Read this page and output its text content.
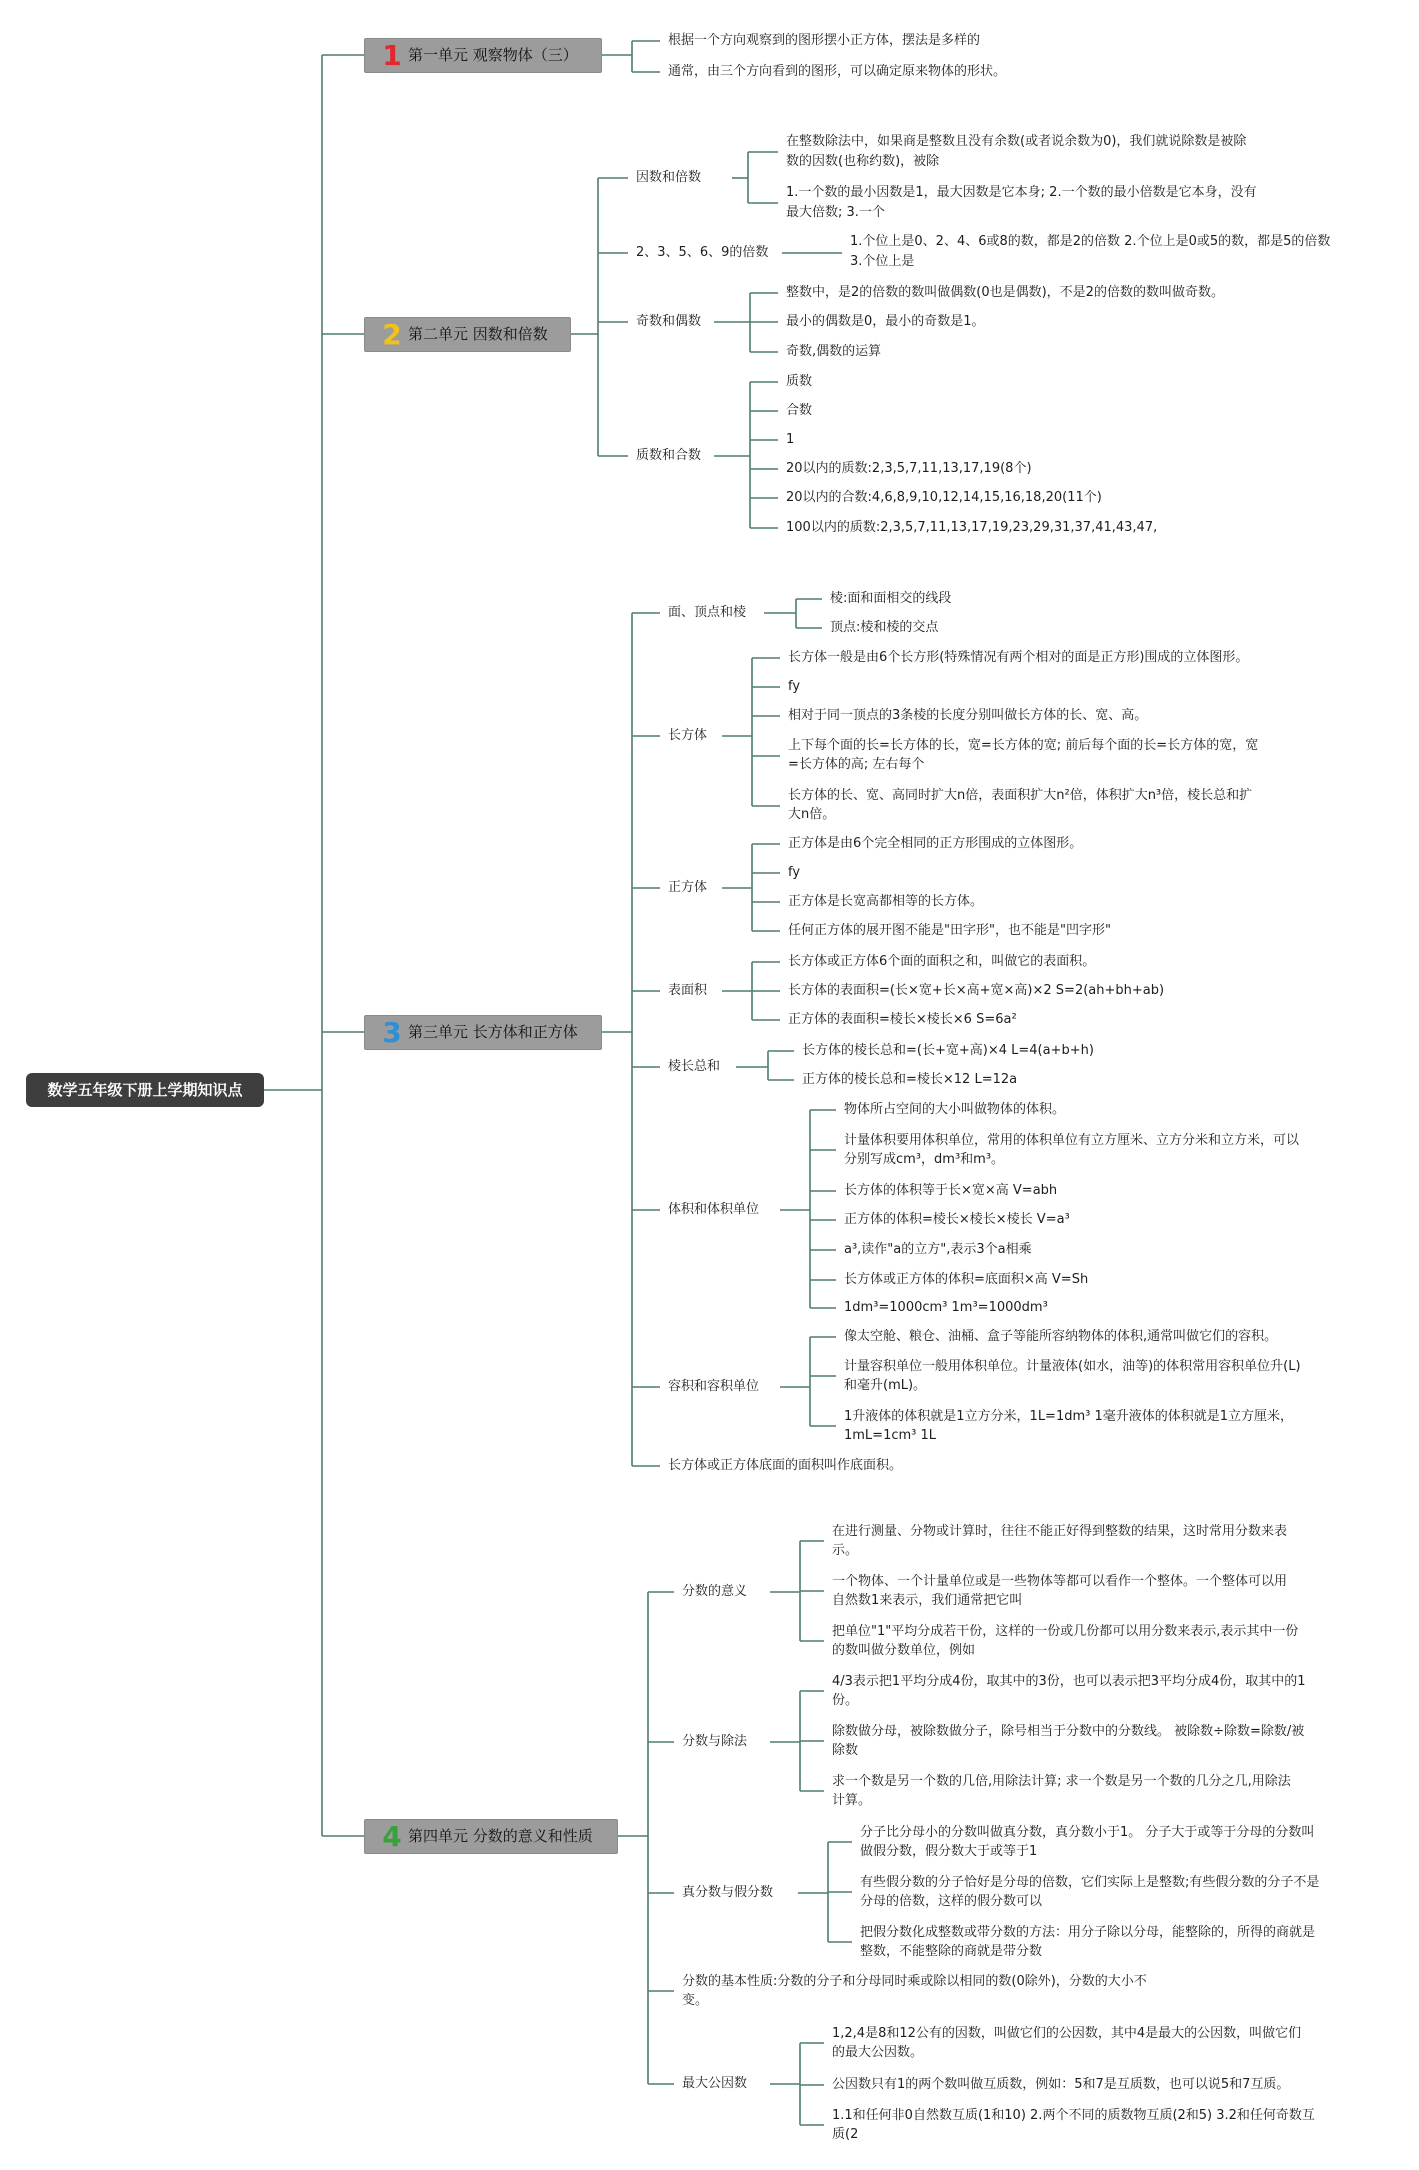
数学五年级下册上学期知识点
1 第一单元 观察物体（三）
2 第二单元 因数和倍数
3 第三单元 长方体和正方体
4 第四单元 分数的意义和性质
根据一个方向观察到的图形摆小正方体，摆法是多样的
通常，由三个方向看到的图形，可以确定原来物体的形状。
因数和倍数
2、3、5、6、9的倍数
奇数和偶数
质数和合数
在整数除法中，如果商是整数且没有余数(或者说余数为0)，我们就说除数是被除
数的因数(也称约数)，被除
1.一个数的最小因数是1，最大因数是它本身; 2.一个数的最小倍数是它本身，没有
最大倍数; 3.一个
1.个位上是0、2、4、6或8的数，都是2的倍数 2.个位上是0或5的数，都是5的倍数
3.个位上是
整数中，是2的倍数的数叫做偶数(0也是偶数)，不是2的倍数的数叫做奇数。
最小的偶数是0，最小的奇数是1。
奇数,偶数的运算
质数
合数
1
20以内的质数:2,3,5,7,11,13,17,19(8个)
20以内的合数:4,6,8,9,10,12,14,15,16,18,20(11个)
100以内的质数:2,3,5,7,11,13,17,19,23,29,31,37,41,43,47,
面、顶点和棱
长方体
正方体
表面积
棱长总和
体积和体积单位
容积和容积单位
长方体或正方体底面的面积叫作底面积。
棱:面和面相交的线段
顶点:棱和棱的交点
长方体一般是由6个长方形(特殊情况有两个相对的面是正方形)围成的立体图形。
fy
相对于同一顶点的3条棱的长度分别叫做长方体的长、宽、高。
上下每个面的长=长方体的长，宽=长方体的宽; 前后每个面的长=长方体的宽，宽
=长方体的高; 左右每个
长方体的长、宽、高同时扩大n倍，表面积扩大n²倍，体积扩大n³倍，棱长总和扩
大n倍。
正方体是由6个完全相同的正方形围成的立体图形。
fy
正方体是长宽高都相等的长方体。
任何正方体的展开图不能是"田字形"，也不能是"凹字形"
长方体或正方体6个面的面积之和，叫做它的表面积。
长方体的表面积=(长×宽+长×高+宽×高)×2 S=2(ah+bh+ab)
正方体的表面积=棱长×棱长×6 S=6a²
长方体的棱长总和=(长+宽+高)×4 L=4(a+b+h)
正方体的棱长总和=棱长×12 L=12a
物体所占空间的大小叫做物体的体积。
计量体积要用体积单位，常用的体积单位有立方厘米、立方分米和立方米，可以
分别写成cm³，dm³和m³。
长方体的体积等于长×宽×高 V=abh
正方体的体积=棱长×棱长×棱长 V=a³
a³,读作"a的立方",表示3个a相乘
长方体或正方体的体积=底面积×高 V=Sh
1dm³=1000cm³ 1m³=1000dm³
像太空舱、粮仓、油桶、盒子等能所容纳物体的体积,通常叫做它们的容积。
计量容积单位一般用体积单位。计量液体(如水，油等)的体积常用容积单位升(L)
和毫升(mL)。
1升液体的体积就是1立方分米，1L=1dm³ 1毫升液体的体积就是1立方厘米，
1mL=1cm³ 1L
分数的意义
分数与除法
真分数与假分数
分数的基本性质:分数的分子和分母同时乘或除以相同的数(0除外)，分数的大小不
变。
最大公因数
在进行测量、分物或计算时，往往不能正好得到整数的结果，这时常用分数来表
示。
一个物体、一个计量单位或是一些物体等都可以看作一个整体。一个整体可以用
自然数1来表示，我们通常把它叫
把单位"1"平均分成若干份，这样的一份或几份都可以用分数来表示,表示其中一份
的数叫做分数单位，例如
4/3表示把1平均分成4份，取其中的3份，也可以表示把3平均分成4份，取其中的1
份。
除数做分母，被除数做分子，除号相当于分数中的分数线。 被除数÷除数=除数/被
除数
求一个数是另一个数的几倍,用除法计算; 求一个数是另一个数的几分之几,用除法
计算。
分子比分母小的分数叫做真分数，真分数小于1。 分子大于或等于分母的分数叫
做假分数，假分数大于或等于1
有些假分数的分子恰好是分母的倍数，它们实际上是整数;有些假分数的分子不是
分母的倍数，这样的假分数可以
把假分数化成整数或带分数的方法：用分子除以分母，能整除的，所得的商就是
整数，不能整除的商就是带分数
1,2,4是8和12公有的因数，叫做它们的公因数，其中4是最大的公因数，叫做它们
的最大公因数。
公因数只有1的两个数叫做互质数，例如：5和7是互质数，也可以说5和7互质。
1.1和任何非0自然数互质(1和10) 2.两个不同的质数物互质(2和5) 3.2和任何奇数互
质(2
